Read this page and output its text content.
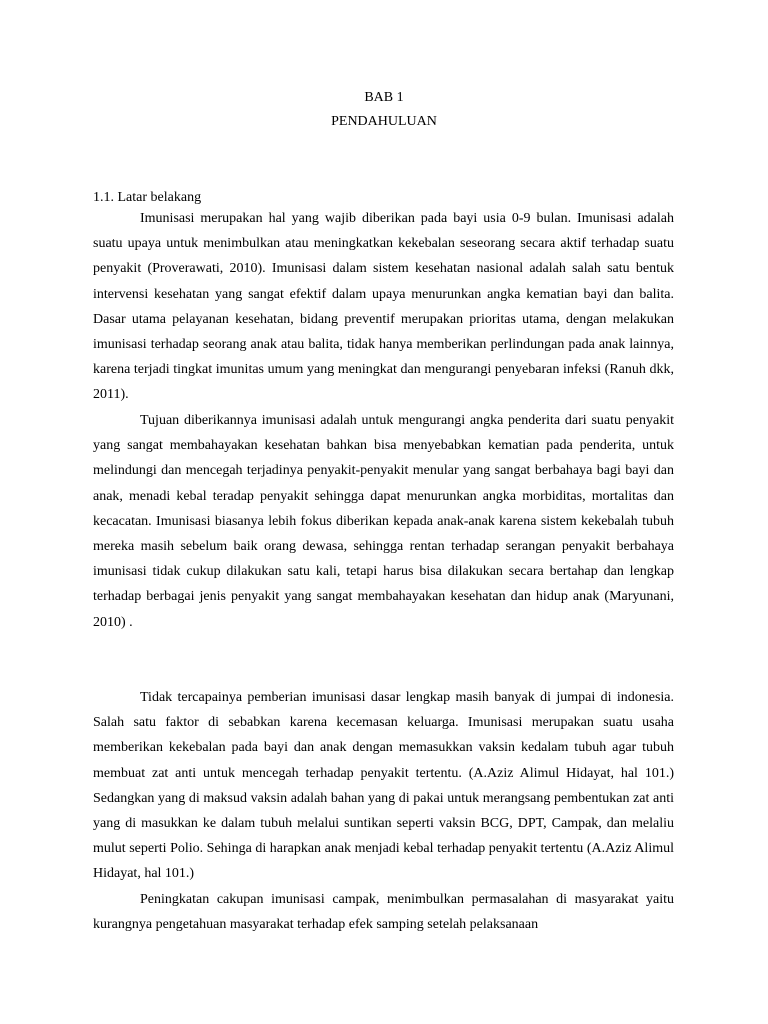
BAB 1
PENDAHULUAN
1.1. Latar belakang

Imunisasi merupakan hal yang wajib diberikan pada bayi usia 0-9 bulan. Imunisasi adalah suatu upaya untuk menimbulkan atau meningkatkan kekebalan seseorang secara aktif terhadap suatu penyakit (Proverawati, 2010). Imunisasi dalam sistem kesehatan nasional adalah salah satu bentuk intervensi kesehatan yang sangat efektif dalam upaya menurunkan angka kematian bayi dan balita. Dasar utama pelayanan kesehatan, bidang preventif merupakan prioritas utama, dengan melakukan imunisasi terhadap seorang anak atau balita, tidak hanya memberikan perlindungan pada anak lainnya, karena terjadi tingkat imunitas umum yang meningkat dan mengurangi penyebaran infeksi (Ranuh dkk, 2011).

Tujuan diberikannya imunisasi adalah untuk mengurangi angka penderita dari suatu penyakit yang sangat membahayakan kesehatan bahkan bisa menyebabkan kematian pada penderita, untuk melindungi dan mencegah terjadinya penyakit-penyakit menular yang sangat berbahaya bagi bayi dan anak, menadi kebal teradap penyakit sehingga dapat menurunkan angka morbiditas, mortalitas dan kecacatan. Imunisasi biasanya lebih fokus diberikan kepada anak-anak karena sistem kekebalah tubuh mereka masih sebelum baik orang dewasa, sehingga rentan terhadap serangan penyakit berbahaya imunisasi tidak cukup dilakukan satu kali, tetapi harus bisa dilakukan secara bertahap dan lengkap terhadap berbagai jenis penyakit yang sangat membahayakan kesehatan dan hidup anak (Maryunani, 2010) .

Tidak tercapainya pemberian imunisasi dasar lengkap masih banyak di jumpai di indonesia. Salah satu faktor di sebabkan karena kecemasan keluarga. Imunisasi merupakan suatu usaha memberikan kekebalan pada bayi dan anak dengan memasukkan vaksin kedalam tubuh agar tubuh membuat zat anti untuk mencegah terhadap penyakit tertentu. (A.Aziz Alimul Hidayat, hal 101.) Sedangkan yang di maksud vaksin adalah bahan yang di pakai untuk merangsang pembentukan zat anti yang di masukkan ke dalam tubuh melalui suntikan seperti vaksin BCG, DPT, Campak, dan melaliu mulut seperti Polio. Sehinga di harapkan anak menjadi kebal terhadap penyakit tertentu (A.Aziz Alimul Hidayat, hal 101.)

Peningkatan cakupan imunisasi campak, menimbulkan permasalahan di masyarakat yaitu kurangnya pengetahuan masyarakat terhadap efek samping setelah pelaksanaan
